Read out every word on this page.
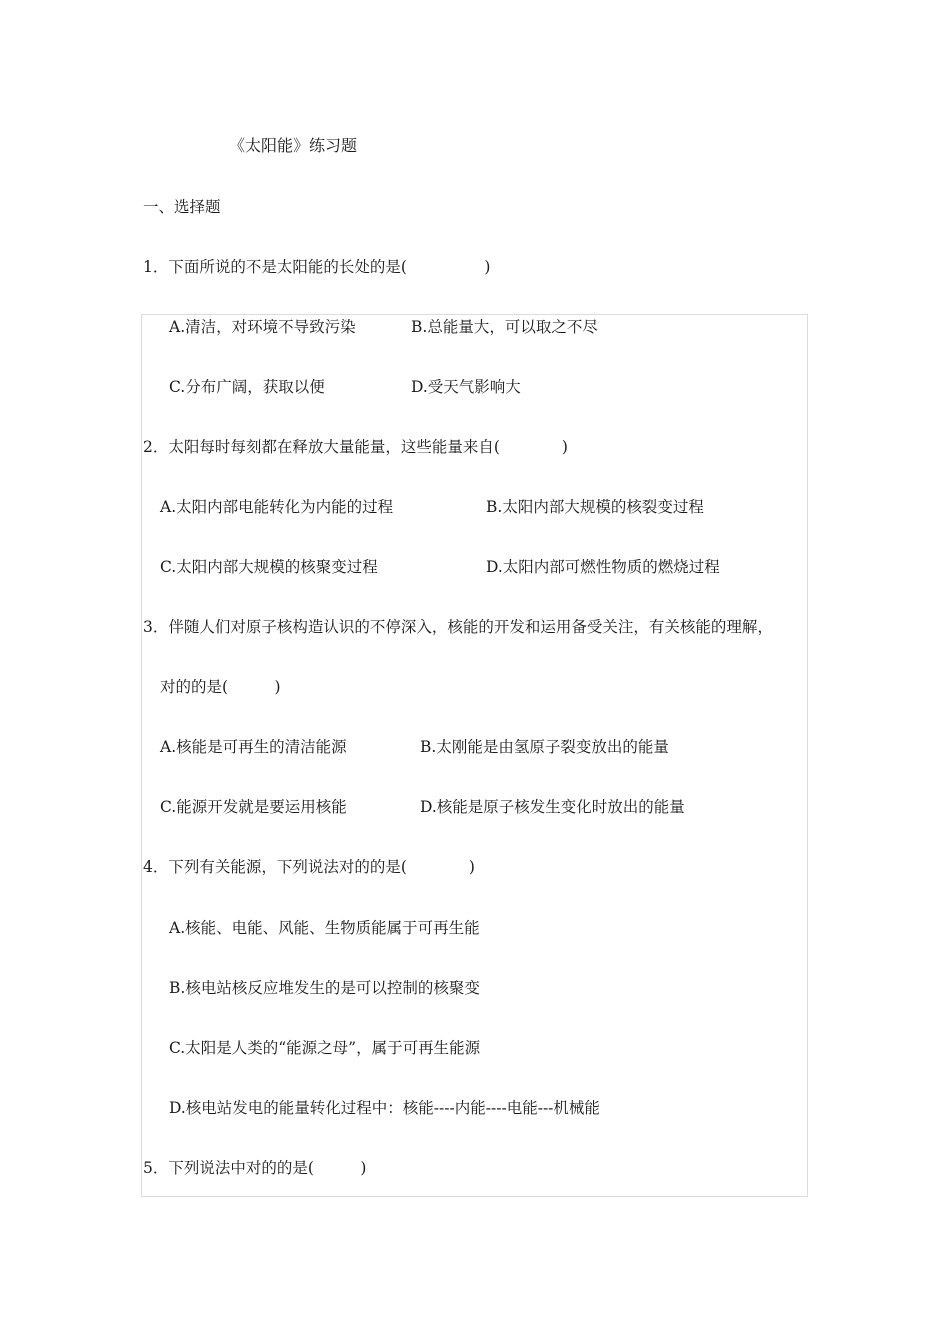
《太阳能》练习题
一、选择题
1．下面所说的不是太阳能的长处的是(　　　　　)
A.清洁，对环境不导致污染	B.总能量大，可以取之不尽
C.分布广阔，获取以便	D.受天气影响大
2．太阳每时每刻都在释放大量能量，这些能量来自(　　　　)
A.太阳内部电能转化为内能的过程	B.太阳内部大规模的核裂变过程
C.太阳内部大规模的核聚变过程	D.太阳内部可燃性物质的燃烧过程
3．伴随人们对原子核构造认识的不停深入，核能的开发和运用备受关注，有关核能的理解，
对的的是(　　　)
A.核能是可再生的清洁能源	B.太刚能是由氢原子裂变放出的能量
C.能源开发就是要运用核能	D.核能是原子核发生变化时放出的能量
4．下列有关能源，下列说法对的的是(　　　　)
A.核能、电能、风能、生物质能属于可再生能
B.核电站核反应堆发生的是可以控制的核聚变
C.太阳是人类的“能源之母”，属于可再生能源
D.核电站发电的能量转化过程中：核能----内能----电能---机械能
5．下列说法中对的的是(　　　)
